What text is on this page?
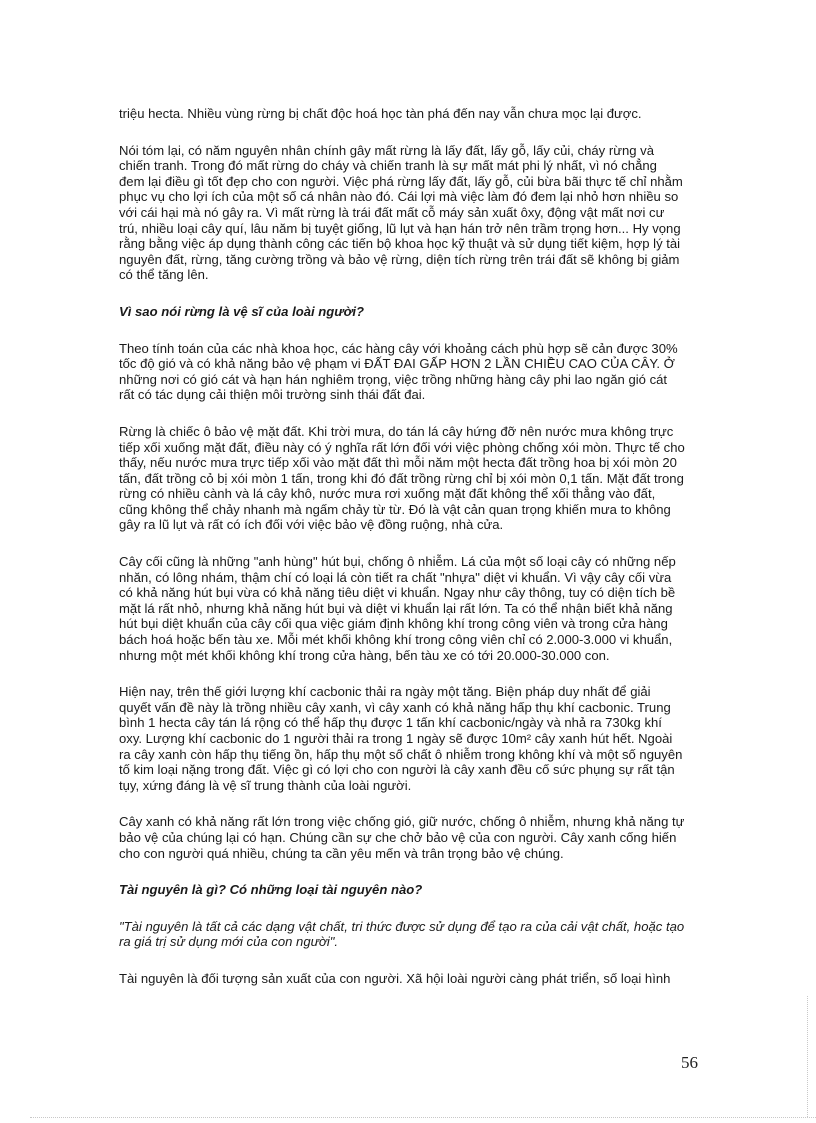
triệu hecta. Nhiều vùng rừng bị chất độc hoá học tàn phá đến nay vẫn chưa mọc lại được.

Nói tóm lại, có năm nguyên nhân chính gây mất rừng là lấy đất, lấy gỗ, lấy củi, cháy rừng và chiến tranh. Trong đó mất rừng do cháy và chiến tranh là sự mất mát phi lý nhất, vì nó chẳng đem lại điều gì tốt đẹp cho con người. Việc phá rừng lấy đất, lấy gỗ, củi bừa bãi thực tế chỉ nhằm phục vụ cho lợi ích của một số cá nhân nào đó. Cái lợi mà việc làm đó đem lại nhỏ hơn nhiều so với cái hại mà nó gây ra. Vì mất rừng là trái đất mất cỗ máy sản xuất ôxy, động vật mất nơi cư trú, nhiều loại cây quí, lâu năm bị tuyệt giống, lũ lụt và hạn hán trở nên trầm trọng hơn... Hy vọng rằng bằng việc áp dụng thành công các tiến bộ khoa học kỹ thuật và sử dụng tiết kiệm, hợp lý tài nguyên đất, rừng, tăng cường trồng và bảo vệ rừng, diện tích rừng trên trái đất sẽ không bị giảm có thể tăng lên.

Vì sao nói rừng là vệ sĩ của loài người?

Theo tính toán của các nhà khoa học, các hàng cây với khoảng cách phù hợp sẽ cản được 30% tốc độ gió và có khả năng bảo vệ phạm vi ĐẤT ĐAI GẤP HƠN 2 LẦN CHIỀU CAO CỦA CÂY. Ở những nơi có gió cát và hạn hán nghiêm trọng, việc trồng những hàng cây phi lao ngăn gió cát rất có tác dụng cải thiện môi trường sinh thái đất đai.

Rừng là chiếc ô bảo vệ mặt đất. Khi trời mưa, do tán lá cây hứng đỡ nên nước mưa không trực tiếp xối xuống mặt đất, điều này có ý nghĩa rất lớn đối với việc phòng chống xói mòn. Thực tế cho thấy, nếu nước mưa trực tiếp xối vào mặt đất thì mỗi năm một hecta đất trồng hoa bị xói mòn 20 tấn, đất trồng cỏ bị xói mòn 1 tấn, trong khi đó đất trồng rừng chỉ bị xói mòn 0,1 tấn. Mặt đất trong rừng có nhiều cành và lá cây khô, nước mưa rơi xuống mặt đất không thể xối thẳng vào đất, cũng không thể chảy nhanh mà ngấm chảy từ từ. Đó là vật cản quan trọng khiến mưa to không gây ra lũ lụt và rất có ích đối với việc bảo vệ đồng ruộng, nhà cửa.

Cây cối cũng là những "anh hùng" hút bụi, chống ô nhiễm. Lá của một số loại cây có những nếp nhăn, có lông nhám, thậm chí có loại lá còn tiết ra chất "nhựa" diệt vi khuẩn. Vì vậy cây cối vừa có khả năng hút bụi vừa có khả năng tiêu diệt vi khuẩn. Ngay như cây thông, tuy có diện tích bề mặt lá rất nhỏ, nhưng khả năng hút bụi và diệt vi khuẩn lại rất lớn. Ta có thể nhận biết khả năng hút bụi diệt khuẩn của cây cối qua việc giám định không khí trong công viên và trong cửa hàng bách hoá hoặc bến tàu xe. Mỗi mét khối không khí trong công viên chỉ có 2.000-3.000 vi khuẩn, nhưng một mét khối không khí trong cửa hàng, bến tàu xe có tới 20.000-30.000 con.

Hiện nay, trên thế giới lượng khí cacbonic thải ra ngày một tăng. Biện pháp duy nhất để giải quyết vấn đề này là trồng nhiều cây xanh, vì cây xanh có khả năng hấp thụ khí cacbonic. Trung bình 1 hecta cây tán lá rộng có thể hấp thụ được 1 tấn khí cacbonic/ngày và nhả ra 730kg khí oxy. Lượng khí cacbonic do 1 người thải ra trong 1 ngày sẽ được 10m² cây xanh hút hết. Ngoài ra cây xanh còn hấp thụ tiếng ồn, hấp thụ một số chất ô nhiễm trong không khí và một số nguyên tố kim loại nặng trong đất. Việc gì có lợi cho con người là cây xanh đều cố sức phụng sự rất tận tụy, xứng đáng là vệ sĩ trung thành của loài người.

Cây xanh có khả năng rất lớn trong việc chống gió, giữ nước, chống ô nhiễm, nhưng khả năng tự bảo vệ của chúng lại có hạn. Chúng cần sự che chở bảo vệ của con người. Cây xanh cống hiến cho con người quá nhiều, chúng ta cần yêu mến và trân trọng bảo vệ chúng.

Tài nguyên là gì? Có những loại tài nguyên nào?

"Tài nguyên là tất cả các dạng vật chất, tri thức được sử dụng để tạo ra của cải vật chất, hoặc tạo ra giá trị sử dụng mới của con người".

Tài nguyên là đối tượng sản xuất của con người. Xã hội loài người càng phát triển, số loại hình

56
